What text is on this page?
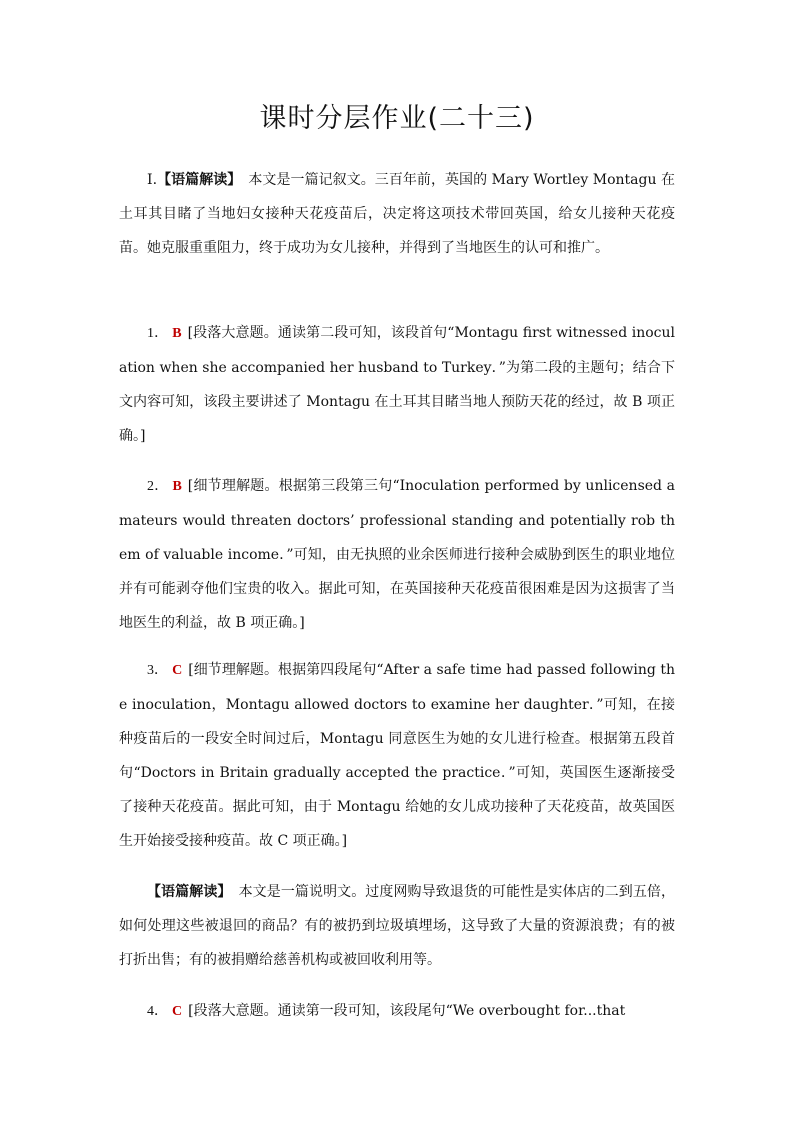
课时分层作业(二十三)
Ⅰ.【语篇解读】　本文是一篇记叙文。三百年前，英国的 Mary Wortley Montagu 在土耳其目睹了当地妇女接种天花疫苗后，决定将这项技术带回英国，给女儿接种天花疫苗。她克服重重阻力，终于成功为女儿接种，并得到了当地医生的认可和推广。
1． B [段落大意题。通读第二段可知，该段首句“Montagu first witnessed inoculation when she accompanied her husband to Turkey．”为第二段的主题句；结合下文内容可知，该段主要讲述了 Montagu 在土耳其目睹当地人预防天花的经过，故 B 项正确。]
2． B [细节理解题。根据第三段第三句“Inoculation performed by unlicensed amateurs would threaten doctors’ professional standing and potentially rob them of valuable income．”可知，由无执照的业余医师进行接种会威胁到医生的职业地位并有可能剥夺他们宝贵的收入。据此可知，在英国接种天花疫苗很困难是因为这损害了当地医生的利益，故 B 项正确。]
3． C [细节理解题。根据第四段尾句“After a safe time had passed following the inoculation，Montagu allowed doctors to examine her daughter．”可知，在接种疫苗后的一段安全时间过后，Montagu 同意医生为她的女儿进行检查。根据第五段首句“Doctors in Britain gradually accepted the practice．”可知，英国医生逐渐接受了接种天花疫苗。据此可知，由于 Montagu 给她的女儿成功接种了天花疫苗，故英国医生开始接受接种疫苗。故 C 项正确。]
【语篇解读】　本文是一篇说明文。过度网购导致退货的可能性是实体店的二到五倍，如何处理这些被退回的商品？有的被扔到垃圾填埋场，这导致了大量的资源浪费；有的被打折出售；有的被捐赠给慈善机构或被回收利用等。
4． C [段落大意题。通读第一段可知，该段尾句“We overbought for...that
